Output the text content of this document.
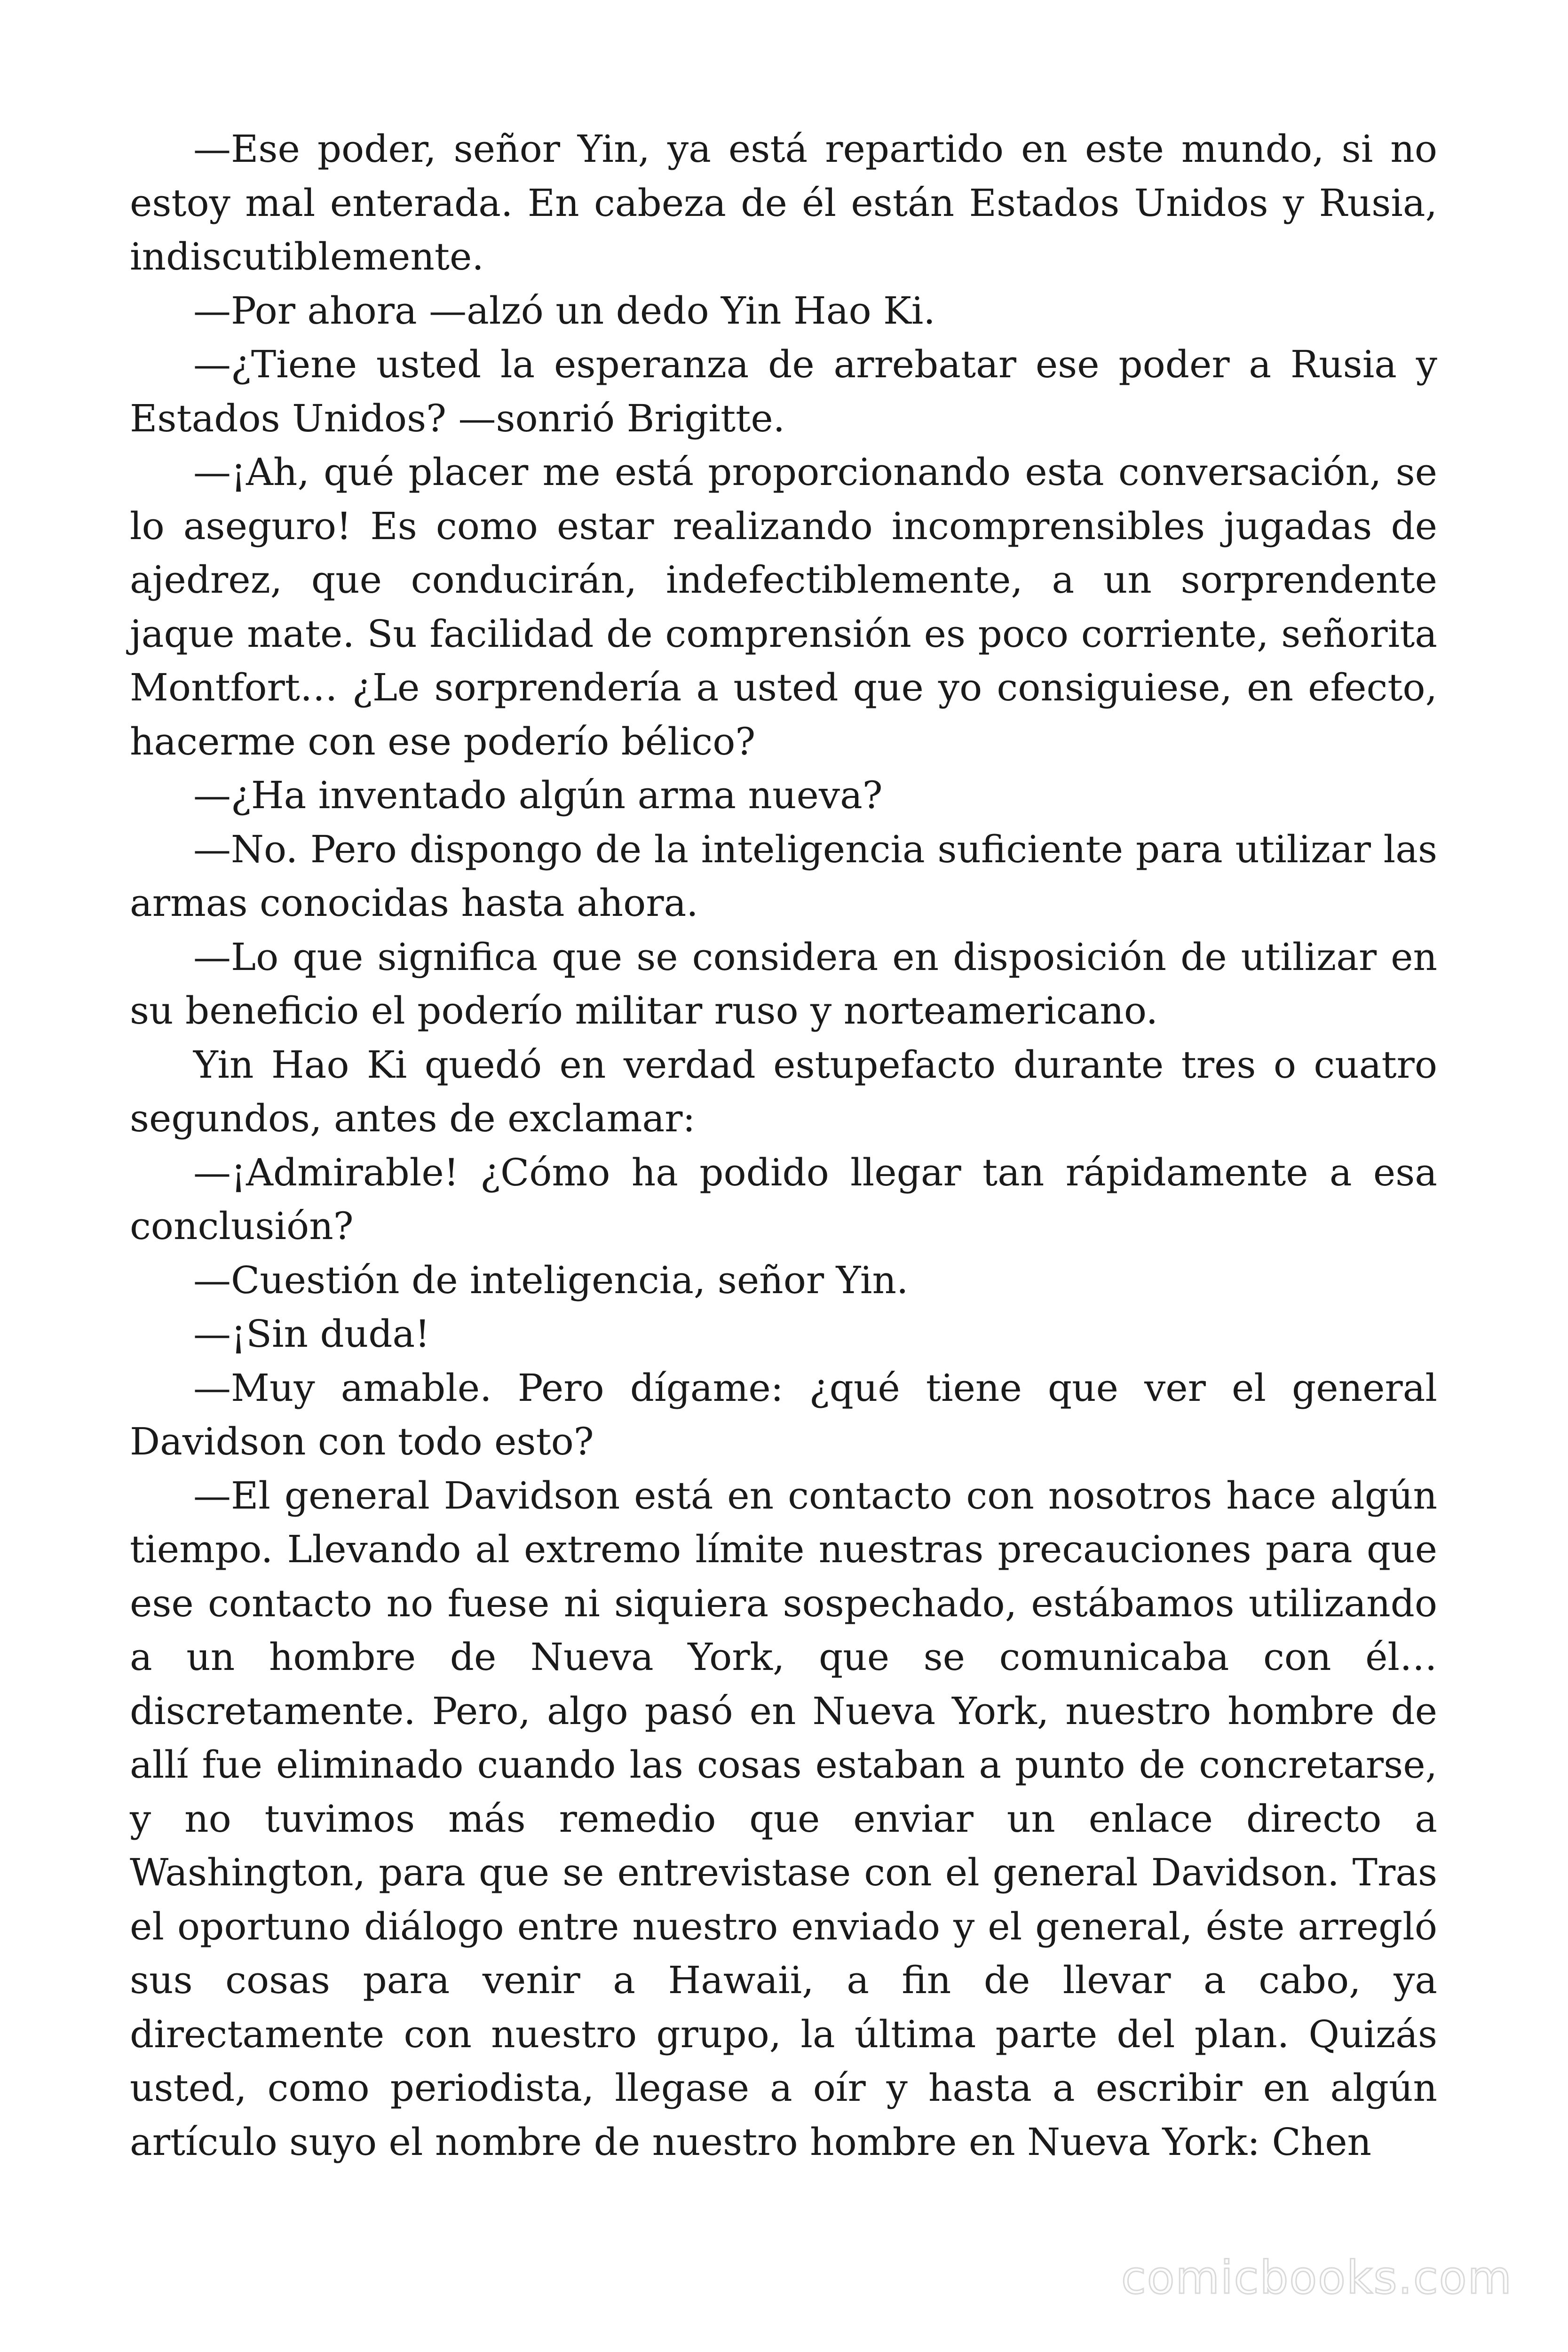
—Ese poder, señor Yin, ya está repartido en este mundo, si no estoy mal enterada. En cabeza de él están Estados Unidos y Rusia, indiscutiblemente.

—Por ahora —alzó un dedo Yin Hao Ki.

—¿Tiene usted la esperanza de arrebatar ese poder a Rusia y Estados Unidos? —sonrió Brigitte.

—¡Ah, qué placer me está proporcionando esta conversación, se lo aseguro! Es como estar realizando incomprensibles jugadas de ajedrez, que conducirán, indefectiblemente, a un sorprendente jaque mate. Su facilidad de comprensión es poco corriente, señorita Montfort… ¿Le sorprendería a usted que yo consiguiese, en efecto, hacerme con ese poderío bélico?

—¿Ha inventado algún arma nueva?

—No. Pero dispongo de la inteligencia suficiente para utilizar las armas conocidas hasta ahora.

—Lo que significa que se considera en disposición de utilizar en su beneficio el poderío militar ruso y norteamericano.

Yin Hao Ki quedó en verdad estupefacto durante tres o cuatro segundos, antes de exclamar:

—¡Admirable! ¿Cómo ha podido llegar tan rápidamente a esa conclusión?

—Cuestión de inteligencia, señor Yin.

—¡Sin duda!

—Muy amable. Pero dígame: ¿qué tiene que ver el general Davidson con todo esto?

—El general Davidson está en contacto con nosotros hace algún tiempo. Llevando al extremo límite nuestras precauciones para que ese contacto no fuese ni siquiera sospechado, estábamos utilizando a un hombre de Nueva York, que se comunicaba con él… discretamente. Pero, algo pasó en Nueva York, nuestro hombre de allí fue eliminado cuando las cosas estaban a punto de concretarse, y no tuvimos más remedio que enviar un enlace directo a Washington, para que se entrevistase con el general Davidson. Tras el oportuno diálogo entre nuestro enviado y el general, éste arregló sus cosas para venir a Hawaii, a fin de llevar a cabo, ya directamente con nuestro grupo, la última parte del plan. Quizás usted, como periodista, llegase a oír y hasta a escribir en algún artículo suyo el nombre de nuestro hombre en Nueva York: Chen

comicbooks.com
